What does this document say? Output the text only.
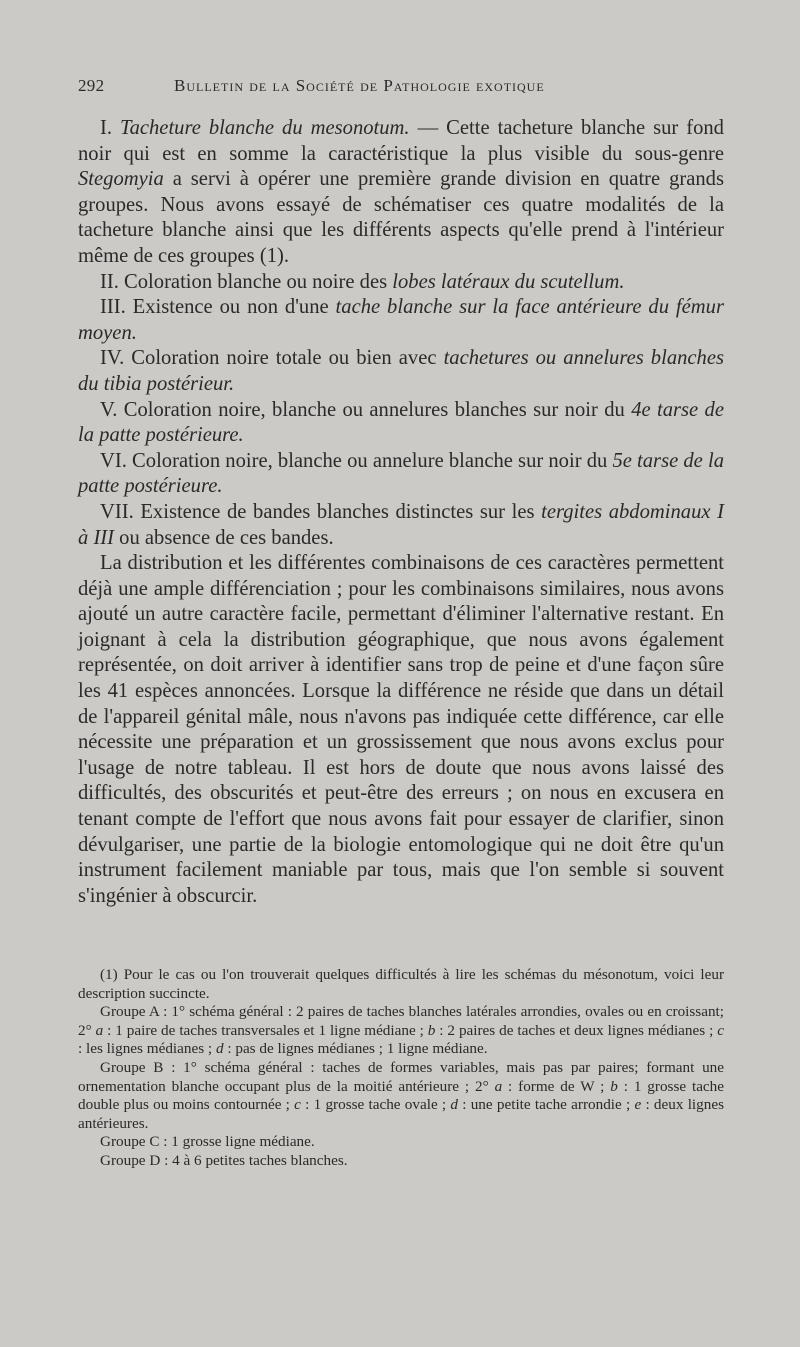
292	Bulletin de la Société de Pathologie exotique

I. Tacheture blanche du mesonotum. — Cette tacheture blanche sur fond noir qui est en somme la caractéristique la plus visible du sous-genre Stegomyia a servi à opérer une première grande division en quatre grands groupes. Nous avons essayé de schématiser ces quatre modalités de la tacheture blanche ainsi que les différents aspects qu'elle prend à l'intérieur même de ces groupes (1).

II. Coloration blanche ou noire des lobes latéraux du scutellum.

III. Existence ou non d'une tache blanche sur la face antérieure du fémur moyen.

IV. Coloration noire totale ou bien avec tachetures ou annelures blanches du tibia postérieur.

V. Coloration noire, blanche ou annelures blanches sur noir du 4e tarse de la patte postérieure.

VI. Coloration noire, blanche ou annelure blanche sur noir du 5e tarse de la patte postérieure.

VII. Existence de bandes blanches distinctes sur les tergites abdominaux I à III ou absence de ces bandes.

La distribution et les différentes combinaisons de ces caractères permettent déjà une ample différenciation ; pour les combinaisons similaires, nous avons ajouté un autre caractère facile, permettant d'éliminer l'alternative restant. En joignant à cela la distribution géographique, que nous avons également représentée, on doit arriver à identifier sans trop de peine et d'une façon sûre les 41 espèces annoncées. Lorsque la différence ne réside que dans un détail de l'appareil génital mâle, nous n'avons pas indiquée cette différence, car elle nécessite une préparation et un grossissement que nous avons exclus pour l'usage de notre tableau. Il est hors de doute que nous avons laissé des difficultés, des obscurités et peut-être des erreurs ; on nous en excusera en tenant compte de l'effort que nous avons fait pour essayer de clarifier, sinon dévulgariser, une partie de la biologie entomologique qui ne doit être qu'un instrument facilement maniable par tous, mais que l'on semble si souvent s'ingénier à obscurcir.

(1) Pour le cas ou l'on trouverait quelques difficultés à lire les schémas du mésonotum, voici leur description succincte.

Groupe A : 1° schéma général : 2 paires de taches blanches latérales arrondies, ovales ou en croissant; 2° a : 1 paire de taches transversales et 1 ligne médiane ; b : 2 paires de taches et deux lignes médianes ; c : les lignes médianes ; d : pas de lignes médianes ; 1 ligne médiane.

Groupe B : 1° schéma général : taches de formes variables, mais pas par paires; formant une ornementation blanche occupant plus de la moitié antérieure ; 2° a : forme de W ; b : 1 grosse tache double plus ou moins contournée ; c : 1 grosse tache ovale ; d : une petite tache arrondie ; e : deux lignes antérieures.

Groupe C : 1 grosse ligne médiane.

Groupe D : 4 à 6 petites taches blanches.
